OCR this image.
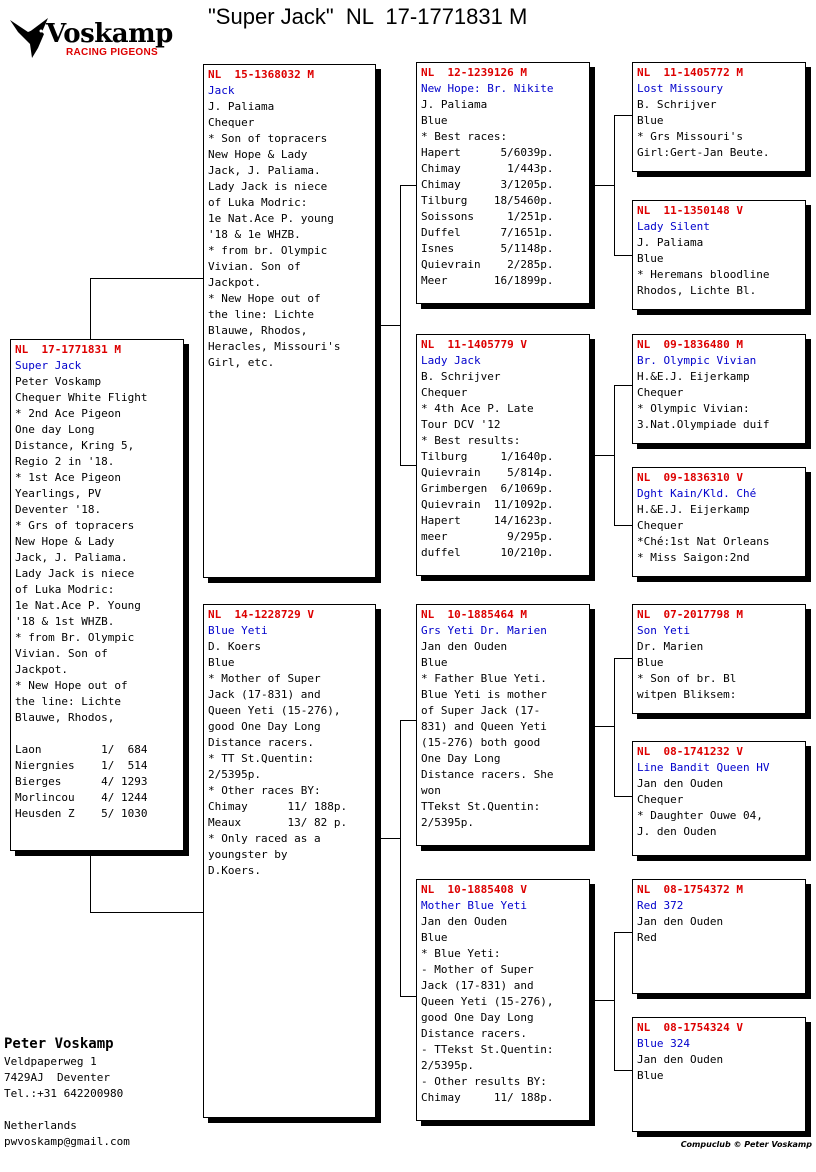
Voskamp
RACING PIGEONS
"Super Jack"  NL  17-1771831 M
NL  17-1771831 M
Super Jack
Peter Voskamp
Chequer White Flight
* 2nd Ace Pigeon
One day Long
Distance, Kring 5,
Regio 2 in '18.
* 1st Ace Pigeon
Yearlings, PV
Deventer '18.
* Grs of topracers
New Hope & Lady
Jack, J. Paliama.
Lady Jack is niece
of Luka Modric:
1e Nat.Ace P. Young
'18 & 1st WHZB.
* from Br. Olympic
Vivian. Son of
Jackpot.
* New Hope out of
the line: Lichte
Blauwe, Rhodos,

Laon         1/  684
Niergnies    1/  514
Bierges      4/ 1293
Morlincou    4/ 1244
Heusden Z    5/ 1030
NL  15-1368032 M
Jack
J. Paliama
Chequer
* Son of topracers
New Hope & Lady
Jack, J. Paliama.
Lady Jack is niece
of Luka Modric:
1e Nat.Ace P. young
'18 & 1e WHZB.
* from br. Olympic
Vivian. Son of
Jackpot.
* New Hope out of
the line: Lichte
Blauwe, Rhodos,
Heracles, Missouri's
Girl, etc.
NL  14-1228729 V
Blue Yeti
D. Koers
Blue
* Mother of Super
Jack (17-831) and
Queen Yeti (15-276),
good One Day Long
Distance racers.
* TT St.Quentin:
2/5395p.
* Other races BY:
Chimay      11/ 188p.
Meaux       13/ 82 p.
* Only raced as a
youngster by
D.Koers.
NL  12-1239126 M
New Hope: Br. Nikite
J. Paliama
Blue
* Best races:
Hapert      5/6039p.
Chimay       1/443p.
Chimay      3/1205p.
Tilburg    18/5460p.
Soissons     1/251p.
Duffel      7/1651p.
Isnes       5/1148p.
Quievrain    2/285p.
Meer       16/1899p.
NL  11-1405779 V
Lady Jack
B. Schrijver
Chequer
* 4th Ace P. Late
Tour DCV '12
* Best results:
Tilburg     1/1640p.
Quievrain    5/814p.
Grimbergen  6/1069p.
Quievrain  11/1092p.
Hapert     14/1623p.
meer         9/295p.
duffel      10/210p.
NL  10-1885464 M
Grs Yeti Dr. Marien
Jan den Ouden
Blue
* Father Blue Yeti.
Blue Yeti is mother
of Super Jack (17-
831) and Queen Yeti
(15-276) both good
One Day Long
Distance racers. She
won
TTekst St.Quentin:
2/5395p.
NL  10-1885408 V
Mother Blue Yeti
Jan den Ouden
Blue
* Blue Yeti:
- Mother of Super
Jack (17-831) and
Queen Yeti (15-276),
good One Day Long
Distance racers.
- TTekst St.Quentin:
2/5395p.
- Other results BY:
Chimay     11/ 188p.
NL  11-1405772 M
Lost Missoury
B. Schrijver
Blue
* Grs Missouri's
Girl:Gert-Jan Beute.
NL  11-1350148 V
Lady Silent
J. Paliama
Blue
* Heremans bloodline
Rhodos, Lichte Bl.
NL  09-1836480 M
Br. Olympic Vivian
H.&E.J. Eijerkamp
Chequer
* Olympic Vivian:
3.Nat.Olympiade duif
NL  09-1836310 V
Dght Kain/Kld. Ché
H.&E.J. Eijerkamp
Chequer
*Ché:1st Nat Orleans
* Miss Saigon:2nd
NL  07-2017798 M
Son Yeti
Dr. Marien
Blue
* Son of br. Bl
witpen Bliksem:
NL  08-1741232 V
Line Bandit Queen HV
Jan den Ouden
Chequer
* Daughter Ouwe 04,
J. den Ouden
NL  08-1754372 M
Red 372
Jan den Ouden
Red
NL  08-1754324 V
Blue 324
Jan den Ouden
Blue
Peter Voskamp
Veldpaperweg 1
7429AJ  Deventer
Tel.:+31 642200980

Netherlands
pwvoskamp@gmail.com	Compuclub © Peter Voskamp
